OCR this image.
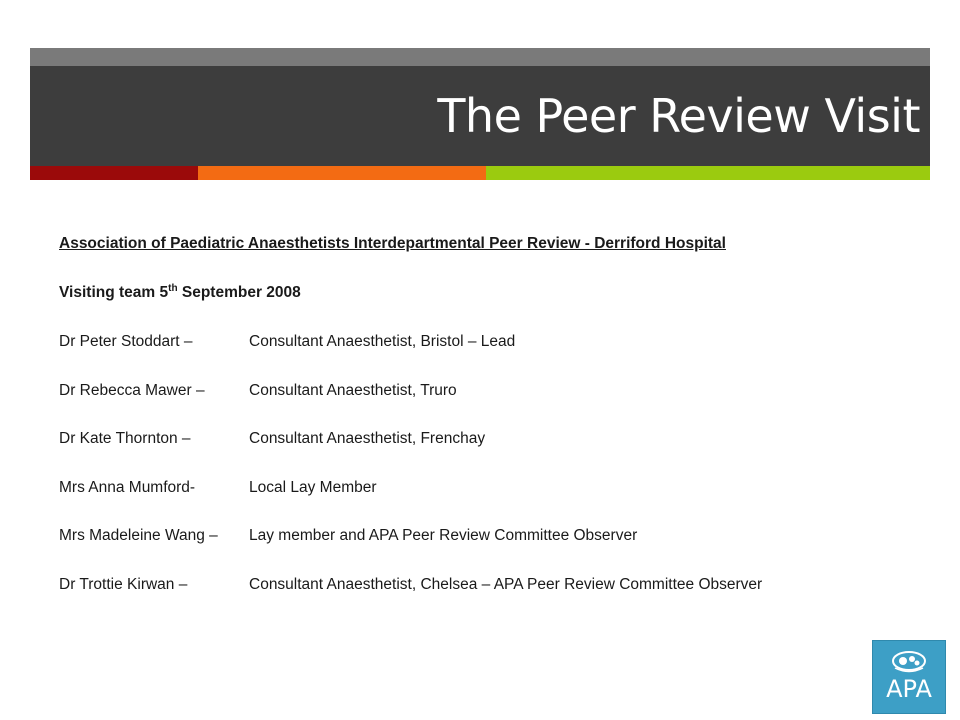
The Peer Review Visit

Association of Paediatric Anaesthetists Interdepartmental Peer Review - Derriford Hospital

Visiting team 5th September 2008
Dr Peter Stoddart –	Consultant Anaesthetist, Bristol – Lead
Dr Rebecca Mawer –	Consultant Anaesthetist, Truro
Dr Kate Thornton –	Consultant Anaesthetist, Frenchay
Mrs Anna Mumford-	Local Lay Member
Mrs Madeleine Wang –	Lay member and APA Peer Review Committee Observer
Dr Trottie Kirwan –	Consultant Anaesthetist, Chelsea – APA Peer Review Committee Observer
APA
